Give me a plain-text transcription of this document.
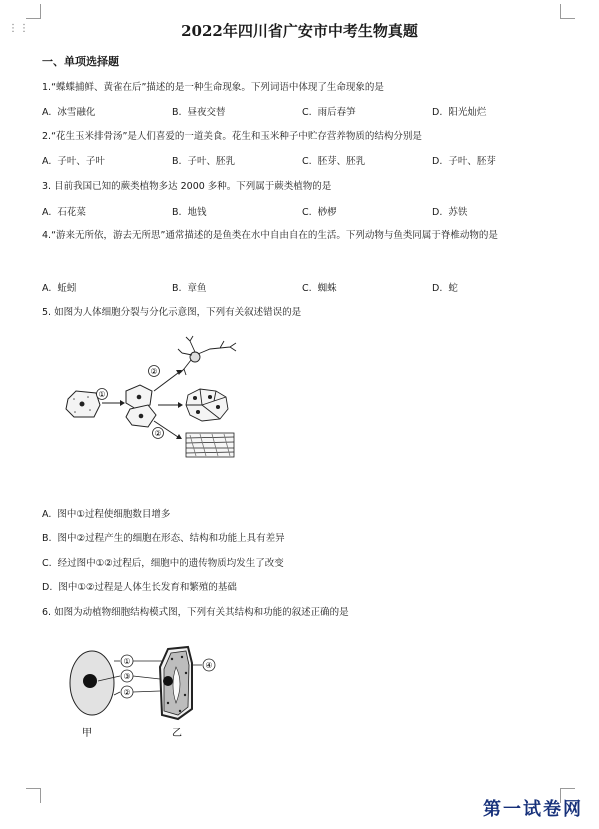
⋮⋮	2022年四川省广安市中考生物真题
一、单项选择题
1.“蝶蝶捕鲜、黄雀在后”描述的是一种生命现象。下列词语中体现了生命现象的是
A. 冰雪融化	B. 昼夜交替	C. 雨后春笋	D. 阳光灿烂
2.“花生玉米排骨汤”是人们喜爱的一道美食。花生和玉米种子中贮存营养物质的结构分别是
A. 子叶、子叶	B. 子叶、胚乳	C. 胚芽、胚乳	D. 子叶、胚芽
3. 目前我国已知的蕨类植物多达 2000 多种。下列属于蕨类植物的是
A. 石花菜	B. 地钱	C. 桫椤	D. 苏铁
4.“游来无所依，游去无所思”通常描述的是鱼类在水中自由自在的生活。下列动物与鱼类同属于脊椎动物的是
A. 蚯蚓	B. 章鱼	C. 蜘蛛	D. 蛇
5. 如图为人体细胞分裂与分化示意图，下列有关叙述错误的是
①
②
②
A. 图中①过程使细胞数目增多
B. 图中②过程产生的细胞在形态、结构和功能上具有差异
C. 经过图中①②过程后，细胞中的遗传物质均发生了改变
D. 图中①②过程是人体生长发育和繁殖的基础
6. 如图为动植物细胞结构模式图，下列有关其结构和功能的叙述正确的是
①
③
②
④
甲	乙
第一试卷网
